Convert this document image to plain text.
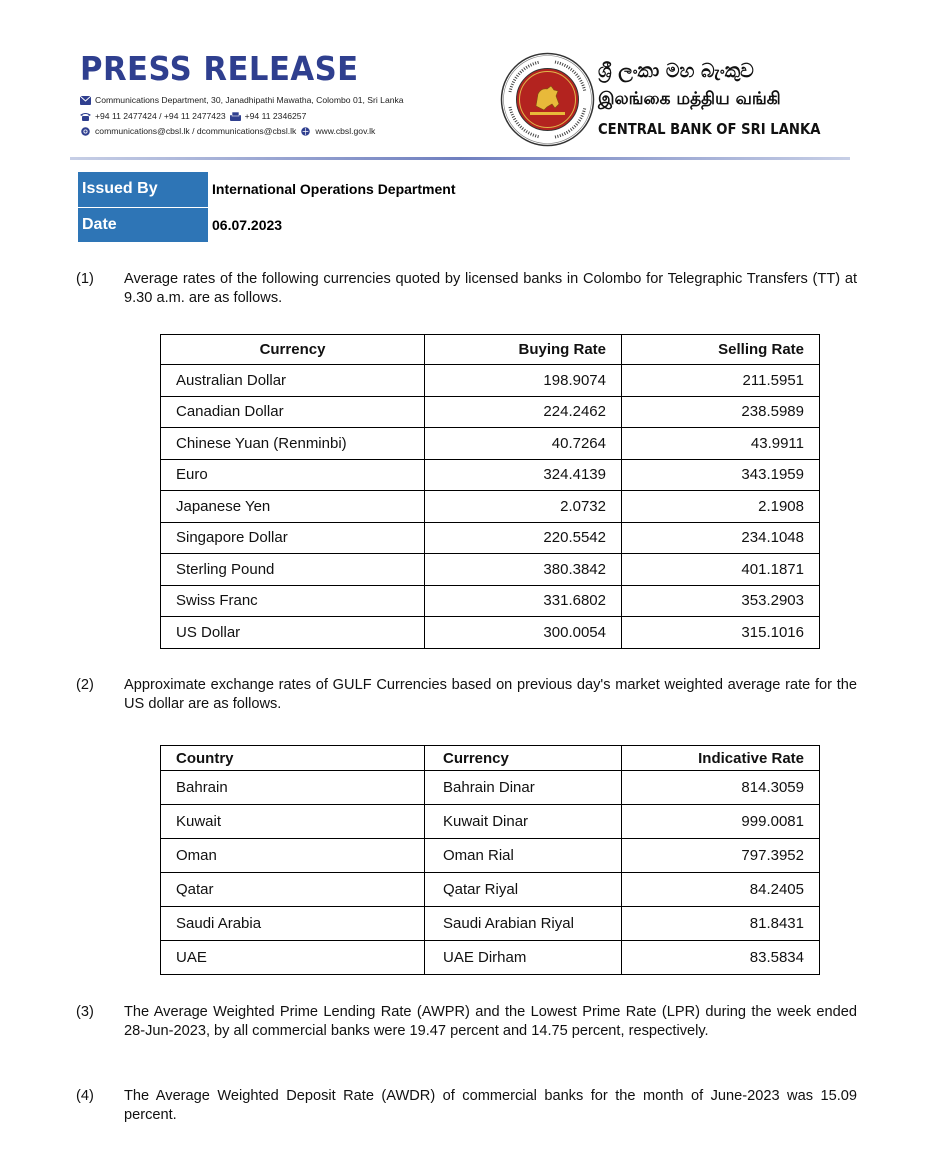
PRESS RELEASE
Communications Department, 30, Janadhipathi Mawatha, Colombo 01, Sri Lanka
+94 11 2477424 / +94 11 2477423 +94 11 2346257
communications@cbsl.lk / dcommunications@cbsl.lk www.cbsl.gov.lk
ශ්‍රී ලංකා මහ බැංකුව
இலங்கை மத்திய வங்கி
CENTRAL BANK OF SRI LANKA
Issued By	International Operations Department
Date	06.07.2023
(1) Average rates of the following currencies quoted by licensed banks in Colombo for Telegraphic Transfers (TT) at 9.30 a.m. are as follows.
Currency	Buying Rate	Selling Rate
Australian Dollar	198.9074	211.5951
Canadian Dollar	224.2462	238.5989
Chinese Yuan (Renminbi)	40.7264	43.9911
Euro	324.4139	343.1959
Japanese Yen	2.0732	2.1908
Singapore Dollar	220.5542	234.1048
Sterling Pound	380.3842	401.1871
Swiss Franc	331.6802	353.2903
US Dollar	300.0054	315.1016
(2) Approximate exchange rates of GULF Currencies based on previous day's market weighted average rate for the US dollar are as follows.
Country	Currency	Indicative Rate
Bahrain	Bahrain Dinar	814.3059
Kuwait	Kuwait Dinar	999.0081
Oman	Oman Rial	797.3952
Qatar	Qatar Riyal	84.2405
Saudi Arabia	Saudi Arabian Riyal	81.8431
UAE	UAE Dirham	83.5834
(3) The Average Weighted Prime Lending Rate (AWPR) and the Lowest Prime Rate (LPR) during the week ended 28-Jun-2023, by all commercial banks were 19.47 percent and 14.75 percent, respectively.
(4) The Average Weighted Deposit Rate (AWDR) of commercial banks for the month of June-2023 was 15.09 percent.
